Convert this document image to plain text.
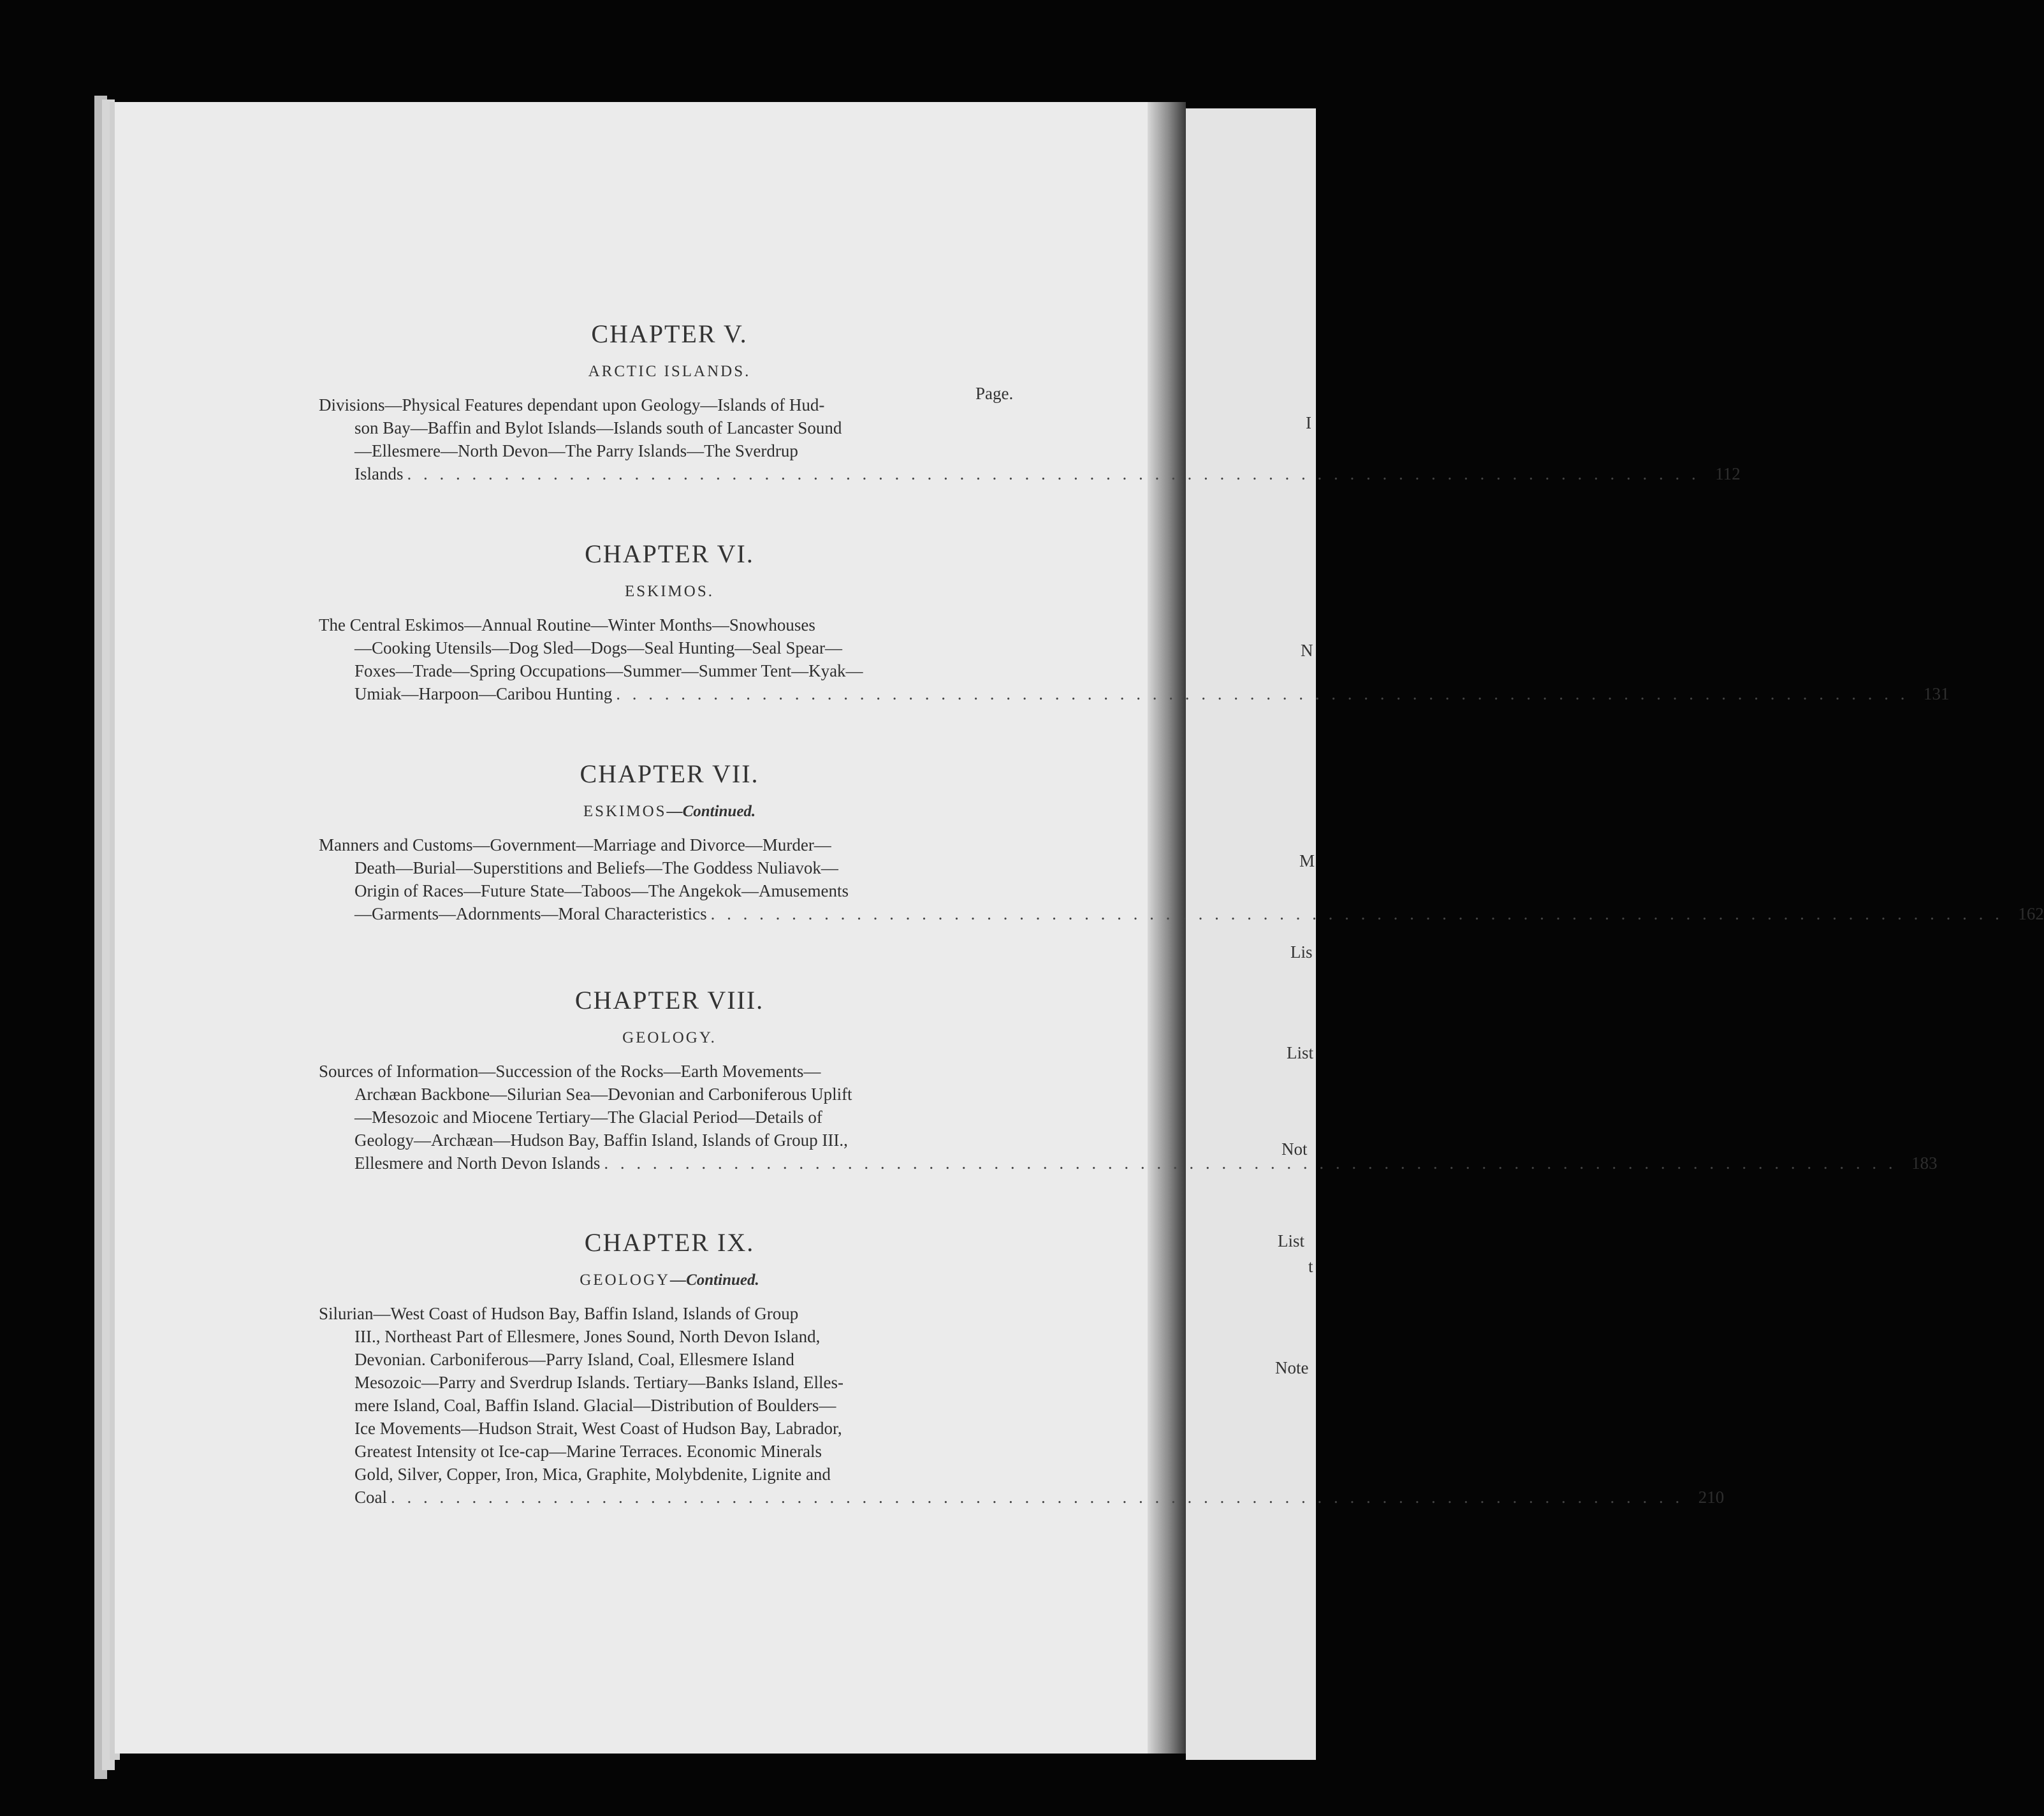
Page.
CHAPTER V.
ARCTIC ISLANDS.
Divisions—Physical Features dependant upon Geology—Islands of Hud-
son Bay—Baffin and Bylot Islands—Islands south of Lancaster Sound
—Ellesmere—North Devon—The Parry Islands—The Sverdrup
Islands . . . . . . . . . . . . . . . . . . . . . . . . . . . . . . . . . . . . . . . . . . . . . . . . . . . . . . . . . . . . . . . . . . . . . . . . . . . . . . . . 112
CHAPTER VI.
ESKIMOS.
The Central Eskimos—Annual Routine—Winter Months—Snowhouses
—Cooking Utensils—Dog Sled—Dogs—Seal Hunting—Seal Spear—
Foxes—Trade—Spring Occupations—Summer—Summer Tent—Kyak—
Umiak—Harpoon—Caribou Hunting . . . . . . . . . . . . . . . . . . . . . . . . . . . . . . . . . . . . . . . . . . . . . . . . . . . . . . . . . . . . . . . . . . . . . . . . . . . . . . . . 131
CHAPTER VII.
ESKIMOS—Continued.
Manners and Customs—Government—Marriage and Divorce—Murder—
Death—Burial—Superstitions and Beliefs—The Goddess Nuliavok—
Origin of Races—Future State—Taboos—The Angekok—Amusements
—Garments—Adornments—Moral Characteristics . . . . . . . . . . . . . . . . . . . . . . . . . . . . . . . . . . . . . . . . . . . . . . . . . . . . . . . . . . . . . . . . . . . . . . . . . . . . . . . . 162
CHAPTER VIII.
GEOLOGY.
Sources of Information—Succession of the Rocks—Earth Movements—
Archæan Backbone—Silurian Sea—Devonian and Carboniferous Uplift
—Mesozoic and Miocene Tertiary—The Glacial Period—Details of
Geology—Archæan—Hudson Bay, Baffin Island, Islands of Group III.,
Ellesmere and North Devon Islands . . . . . . . . . . . . . . . . . . . . . . . . . . . . . . . . . . . . . . . . . . . . . . . . . . . . . . . . . . . . . . . . . . . . . . . . . . . . . . . . 183
CHAPTER IX.
GEOLOGY—Continued.
Silurian—West Coast of Hudson Bay, Baffin Island, Islands of Group
III., Northeast Part of Ellesmere, Jones Sound, North Devon Island,
Devonian. Carboniferous—Parry Island, Coal, Ellesmere Island
Mesozoic—Parry and Sverdrup Islands. Tertiary—Banks Island, Elles-
mere Island, Coal, Baffin Island. Glacial—Distribution of Boulders—
Ice Movements—Hudson Strait, West Coast of Hudson Bay, Labrador,
Greatest Intensity ot Ice-cap—Marine Terraces. Economic Minerals
Gold, Silver, Copper, Iron, Mica, Graphite, Molybdenite, Lignite and
Coal . . . . . . . . . . . . . . . . . . . . . . . . . . . . . . . . . . . . . . . . . . . . . . . . . . . . . . . . . . . . . . . . . . . . . . . . . . . . . . . . 210
I
N
M
Lis
List
Not
List
t
Note
